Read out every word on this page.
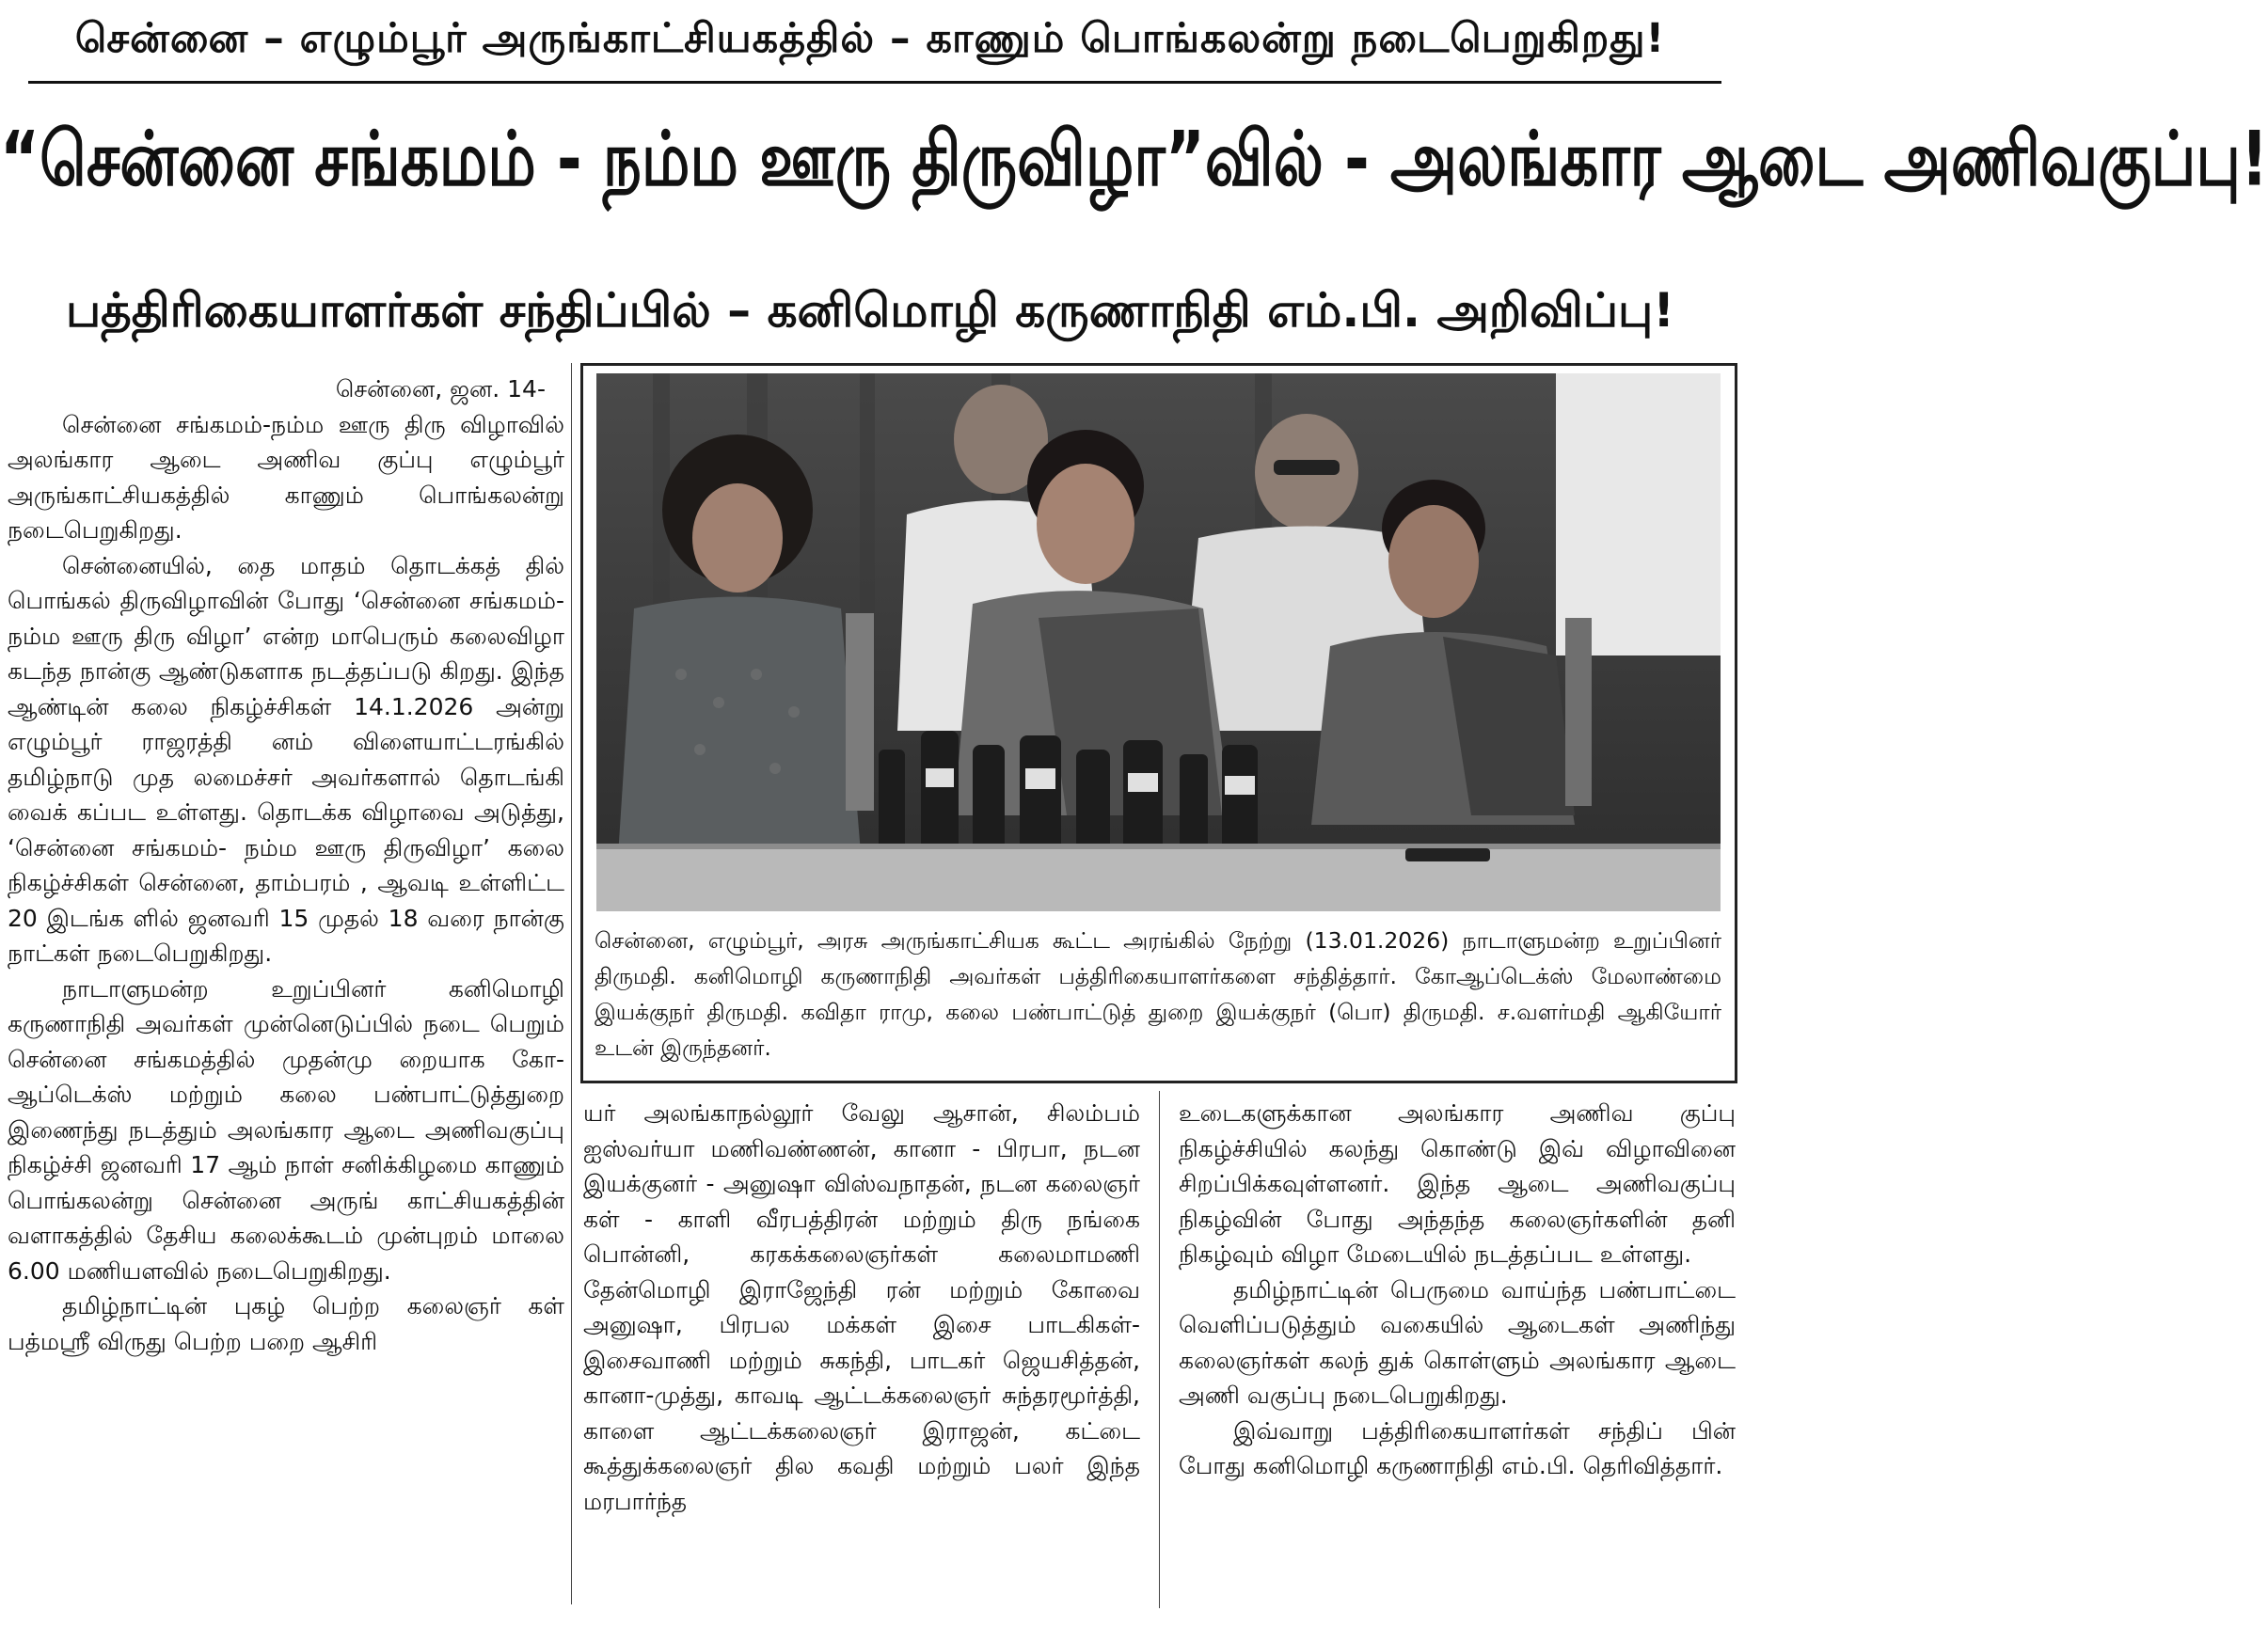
சென்னை – எழும்பூர் அருங்காட்சியகத்தில் – காணும் பொங்கலன்று நடைபெறுகிறது!
“சென்னை சங்கமம் - நம்ம ஊரு திருவிழா”வில் - அலங்கார ஆடை அணிவகுப்பு!
பத்திரிகையாளர்கள் சந்திப்பில் – கனிமொழி கருணாநிதி எம்.பி. அறிவிப்பு!

சென்னை, ஜன. 14-

சென்னை சங்கமம்-நம்ம ஊரு திரு விழாவில் அலங்கார ஆடை அணிவ குப்பு எழும்பூர் அருங்காட்சியகத்தில் காணும் பொங்கலன்று நடைபெறுகிறது.

சென்னையில், தை மாதம் தொடக்கத் தில் பொங்கல் திருவிழாவின் போது ‘சென்னை சங்கமம்-நம்ம ஊரு திரு விழா’ என்ற மாபெரும் கலைவிழா கடந்த நான்கு ஆண்டுகளாக நடத்தப்படு கிறது. இந்த ஆண்டின் கலை நிகழ்ச்சிகள் 14.1.2026 அன்று எழும்பூர் ராஜரத்தி னம் விளையாட்டரங்கில் தமிழ்நாடு முத லமைச்சர் அவர்களால் தொடங்கி வைக் கப்பட உள்ளது. தொடக்க விழாவை அடுத்து, ‘சென்னை சங்கமம்- நம்ம ஊரு திருவிழா’ கலை நிகழ்ச்சிகள் சென்னை, தாம்பரம் , ஆவடி உள்ளிட்ட 20 இடங்க ளில் ஜனவரி 15 முதல் 18 வரை நான்கு நாட்கள் நடைபெறுகிறது.

நாடாளுமன்ற உறுப்பினர் கனிமொழி கருணாநிதி அவர்கள் முன்னெடுப்பில் நடை பெறும் சென்னை சங்கமத்தில் முதன்மு றையாக கோ- ஆப்டெக்ஸ் மற்றும் கலை பண்பாட்டுத்துறை இணைந்து நடத்தும் அலங்கார ஆடை அணிவகுப்பு நிகழ்ச்சி ஜனவரி 17 ஆம் நாள் சனிக்கிழமை காணும் பொங்கலன்று சென்னை அருங் காட்சியகத்தின் வளாகத்தில் தேசிய கலைக்கூடம் முன்புறம் மாலை 6.00 மணியளவில் நடைபெறுகிறது.

தமிழ்நாட்டின் புகழ் பெற்ற கலைஞர் கள் பத்மஸ்ரீ விருது பெற்ற பறை ஆசிரி

சென்னை, எழும்பூர், அரசு அருங்காட்சியக கூட்ட அரங்கில் நேற்று (13.01.2026) நாடாளுமன்ற உறுப்பினர் திருமதி. கனிமொழி கருணாநிதி அவர்கள் பத்திரிகையாளர்களை சந்தித்தார். கோஆப்டெக்ஸ் மேலாண்மை இயக்குநர் திருமதி. கவிதா ராமு, கலை பண்பாட்டுத் துறை இயக்குநர் (பொ) திருமதி. ச.வளர்மதி ஆகியோர் உடன் இருந்தனர்.

யர் அலங்காநல்லூர் வேலு ஆசான், சிலம்பம் ஐஸ்வர்யா மணிவண்ணன், கானா - பிரபா, நடன இயக்குனர் - அனுஷா விஸ்வநாதன், நடன கலைஞர் கள் - காளி வீரபத்திரன் மற்றும் திரு நங்கை பொன்னி, கரகக்கலைஞர்கள் கலைமாமணி தேன்மொழி இராஜேந்தி ரன் மற்றும் கோவை அனுஷா, பிரபல மக்கள் இசை பாடகிகள்- இசைவாணி மற்றும் சுகந்தி, பாடகர் ஜெயசித்தன், கானா-முத்து, காவடி ஆட்டக்கலைஞர் சுந்தரமூர்த்தி, காளை ஆட்டக்கலைஞர் இராஜன், கட்டை கூத்துக்கலைஞர் தில கவதி மற்றும் பலர் இந்த மரபார்ந்த

உடைகளுக்கான அலங்கார அணிவ குப்பு நிகழ்ச்சியில் கலந்து கொண்டு இவ் விழாவினை சிறப்பிக்கவுள்ளனர். இந்த ஆடை அணிவகுப்பு நிகழ்வின் போது அந்தந்த கலைஞர்களின் தனி நிகழ்வும் விழா மேடையில் நடத்தப்பட உள்ளது.

தமிழ்நாட்டின் பெருமை வாய்ந்த பண்பாட்டை வெளிப்படுத்தும் வகையில் ஆடைகள் அணிந்து கலைஞர்கள் கலந் துக் கொள்ளும் அலங்கார ஆடை அணி வகுப்பு நடைபெறுகிறது.

இவ்வாறு பத்திரிகையாளர்கள் சந்திப் பின் போது கனிமொழி கருணாநிதி எம்.பி. தெரிவித்தார்.
